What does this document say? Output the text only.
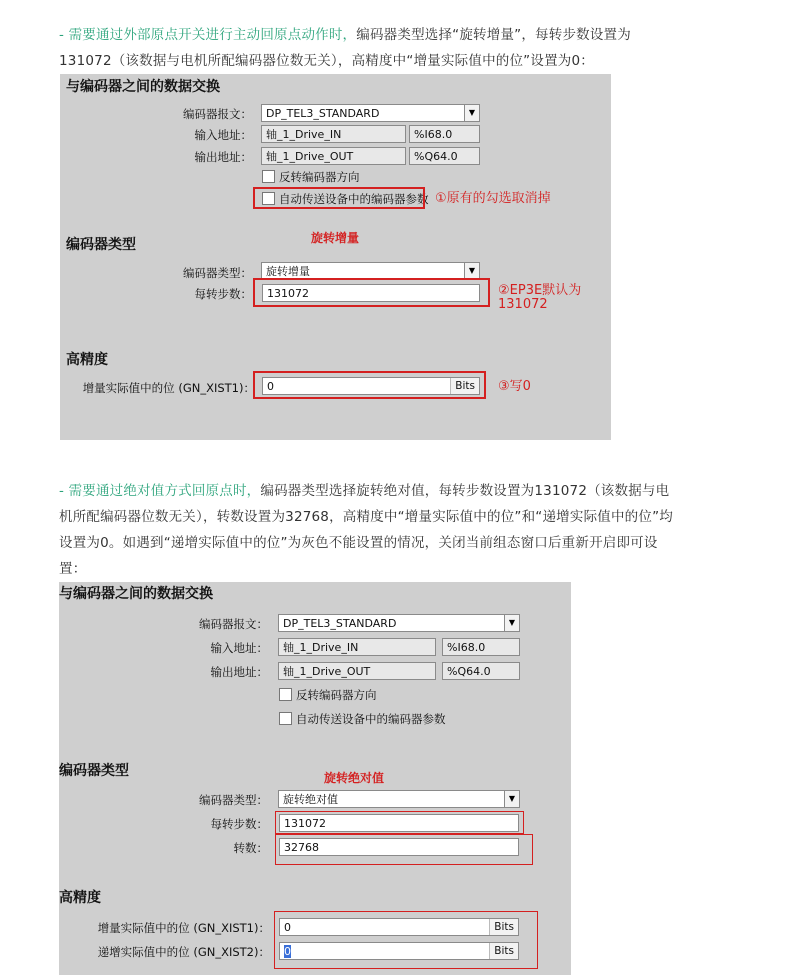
- 需要通过外部原点开关进行主动回原点动作时，编码器类型选择“旋转增量”，每转步数设置为
131072（该数据与电机所配编码器位数无关），高精度中“增量实际值中的位”设置为0：
与编码器之间的数据交换
编码器报文：	DP_TEL3_STANDARD	▼
输入地址：	轴_1_Drive_IN	%I68.0
输出地址：	轴_1_Drive_OUT	%Q64.0
反转编码器方向
自动传送设备中的编码器参数 ①原有的勾选取消掉
编码器类型	旋转增量
编码器类型：	旋转增量	▼
每转步数：	131072	②EP3E默认为
131072
高精度
增量实际值中的位 (GN_XIST1)：	0	Bits	③写0
- 需要通过绝对值方式回原点时，编码器类型选择旋转绝对值，每转步数设置为131072（该数据与电
机所配编码器位数无关），转数设置为32768，高精度中“增量实际值中的位”和“递增实际值中的位”均
设置为0。如遇到“递增实际值中的位”为灰色不能设置的情况，关闭当前组态窗口后重新开启即可设
置：
与编码器之间的数据交换
编码器报文：	DP_TEL3_STANDARD	▼
输入地址：	轴_1_Drive_IN	%I68.0
输出地址：	轴_1_Drive_OUT	%Q64.0
反转编码器方向
自动传送设备中的编码器参数
编码器类型	旋转绝对值
编码器类型：	旋转绝对值	▼
每转步数：	131072
转数：	32768
高精度
增量实际值中的位 (GN_XIST1)：	0	Bits
递增实际值中的位 (GN_XIST2)：	0	Bits
